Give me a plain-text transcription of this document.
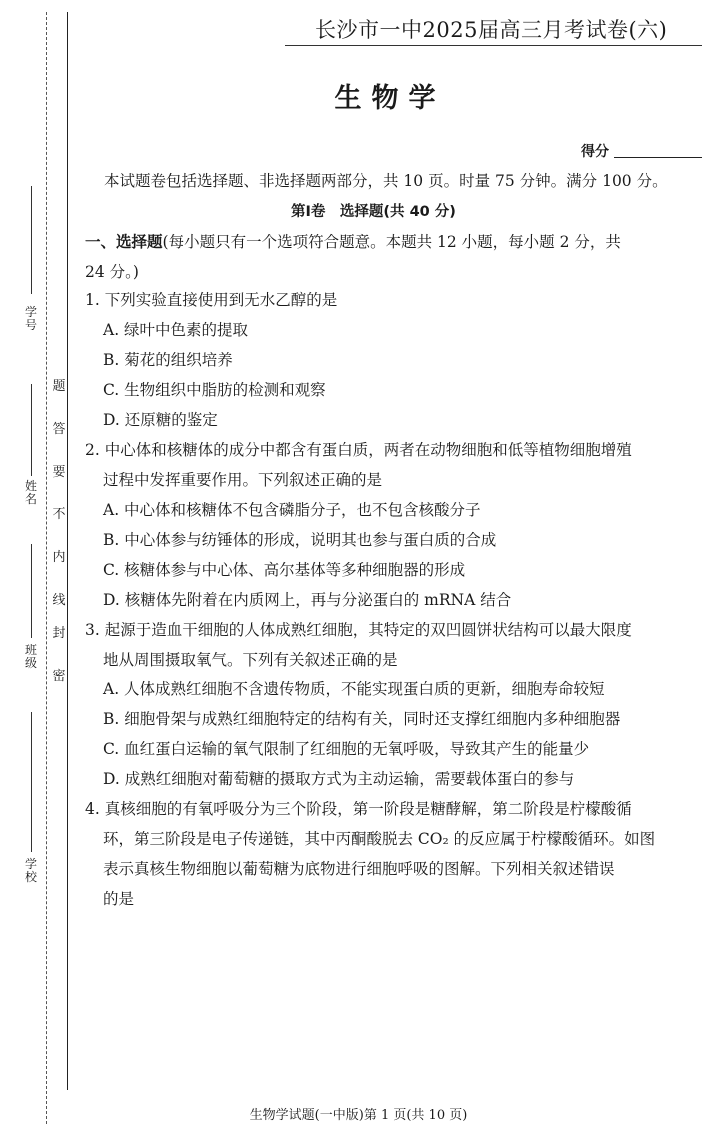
学
号
姓
名
班
级
学
校
密
封
线
内
不
要
答
题
长沙市一中2025届高三月考试卷(六)
生物学
得分
本试题卷包括选择题、非选择题两部分，共 10 页。时量 75 分钟。满分 100 分。
第Ⅰ卷　选择题(共 40 分)
一、选择题(每小题只有一个选项符合题意。本题共 12 小题，每小题 2 分，共
24 分。)
1. 下列实验直接使用到无水乙醇的是
A. 绿叶中色素的提取
B. 菊花的组织培养
C. 生物组织中脂肪的检测和观察
D. 还原糖的鉴定
2. 中心体和核糖体的成分中都含有蛋白质，两者在动物细胞和低等植物细胞增殖
过程中发挥重要作用。下列叙述正确的是
A. 中心体和核糖体不包含磷脂分子，也不包含核酸分子
B. 中心体参与纺锤体的形成，说明其也参与蛋白质的合成
C. 核糖体参与中心体、高尔基体等多种细胞器的形成
D. 核糖体先附着在内质网上，再与分泌蛋白的 mRNA 结合
3. 起源于造血干细胞的人体成熟红细胞，其特定的双凹圆饼状结构可以最大限度
地从周围摄取氧气。下列有关叙述正确的是
A. 人体成熟红细胞不含遗传物质，不能实现蛋白质的更新，细胞寿命较短
B. 细胞骨架与成熟红细胞特定的结构有关，同时还支撑红细胞内多种细胞器
C. 血红蛋白运输的氧气限制了红细胞的无氧呼吸，导致其产生的能量少
D. 成熟红细胞对葡萄糖的摄取方式为主动运输，需要载体蛋白的参与
4. 真核细胞的有氧呼吸分为三个阶段，第一阶段是糖酵解，第二阶段是柠檬酸循
环，第三阶段是电子传递链，其中丙酮酸脱去 CO₂ 的反应属于柠檬酸循环。如图
表示真核生物细胞以葡萄糖为底物进行细胞呼吸的图解。下列相关叙述错误
的是
生物学试题(一中版)第 1 页(共 10 页)
